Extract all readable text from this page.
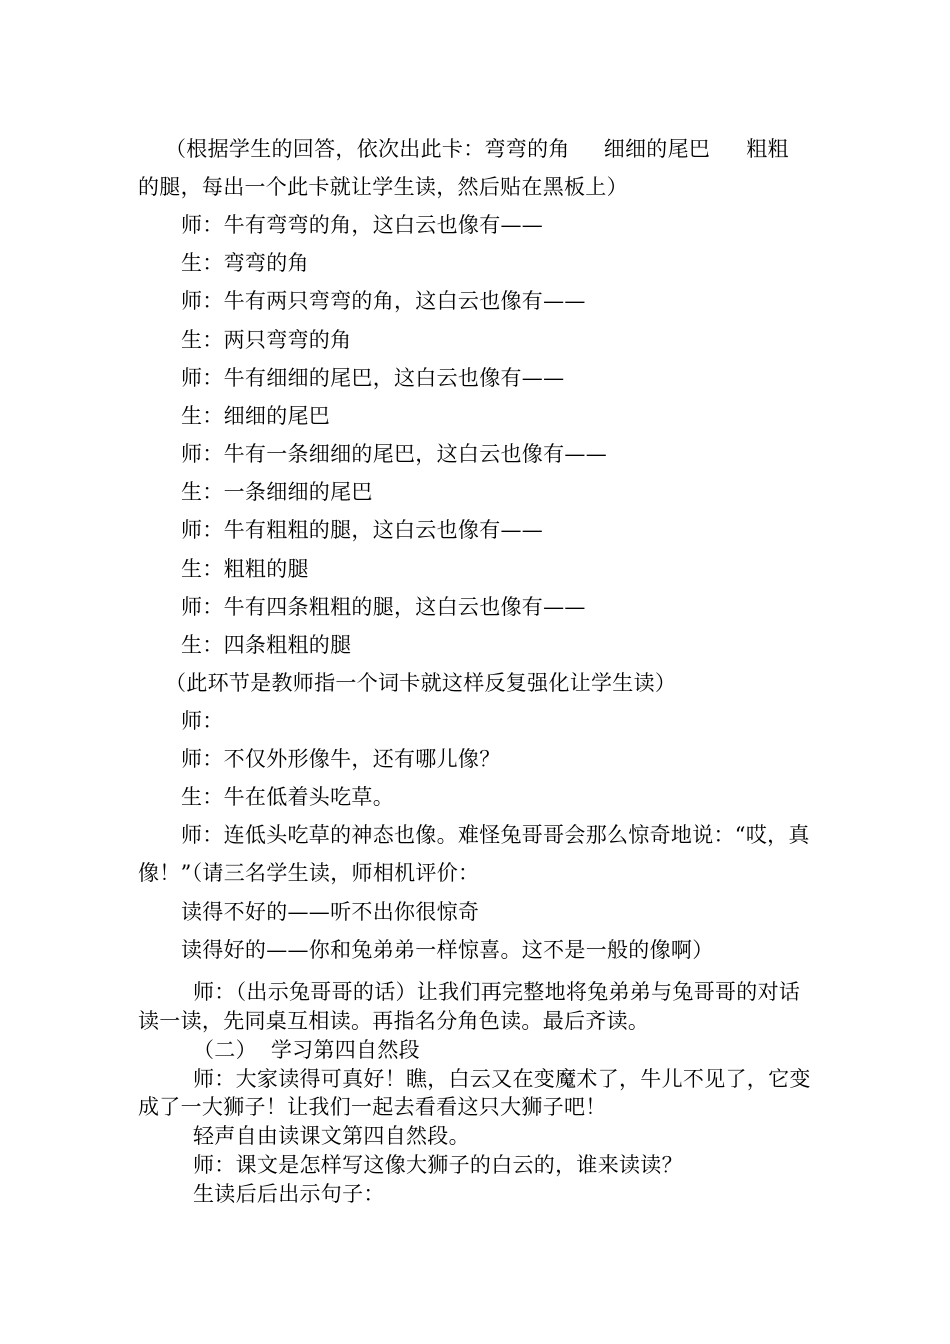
（根据学生的回答，依次出此卡：弯弯的角 细细的尾巴 粗粗
的腿，每出一个此卡就让学生读，然后贴在黑板上）
师：牛有弯弯的角，这白云也像有——
生：弯弯的角
师：牛有两只弯弯的角，这白云也像有——
生：两只弯弯的角
师：牛有细细的尾巴，这白云也像有——
生：细细的尾巴
师：牛有一条细细的尾巴，这白云也像有——
生：一条细细的尾巴
师：牛有粗粗的腿，这白云也像有——
生：粗粗的腿
师：牛有四条粗粗的腿，这白云也像有——
生：四条粗粗的腿
（此环节是教师指一个词卡就这样反复强化让学生读）
师：
师：不仅外形像牛，还有哪儿像？
生：牛在低着头吃草。
师：连低头吃草的神态也像。难怪兔哥哥会那么惊奇地说：“哎，真
像！”（请三名学生读，师相机评价：
读得不好的——听不出你很惊奇
读得好的——你和兔弟弟一样惊喜。这不是一般的像啊）
师：（出示兔哥哥的话）让我们再完整地将兔弟弟与兔哥哥的对话
读一读，先同桌互相读。再指名分角色读。最后齐读。
（二）  学习第四自然段
师：大家读得可真好！瞧，白云又在变魔术了，牛儿不见了，它变
成了一大狮子！让我们一起去看看这只大狮子吧！
轻声自由读课文第四自然段。
师：课文是怎样写这像大狮子的白云的，谁来读读？
生读后后出示句子：
